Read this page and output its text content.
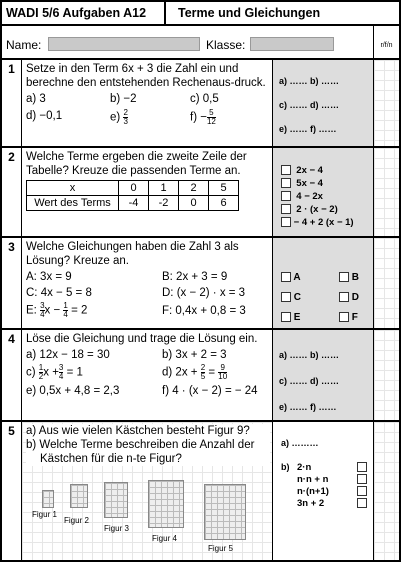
WADI 5/6 Aufgaben A12	Terme und Gleichungen
Name:	Klasse:	r/f/n
1 Setze in den Term 6x + 3 die Zahl ein und berechne den entstehenden Rechenaus-druck.
a) 3	b) −2	c) 0,5
d) −0,1	$e) \frac{2}{3}$	$f) - \frac{5}{12}$
a) …… b) ……
c) …… d) ……
e) …… f) ……
2 Welche Terme ergeben die zweite Zeile der Tabelle? Kreuze die passenden Terme an.
x	0	1	2	5
Wert des Terms	-4	-2	0	6
2x − 4
5x − 4
4 − 2x
2 · (x − 2)
− 4 + 2 (x − 1)
3 Welche Gleichungen haben die Zahl 3 als Lösung? Kreuze an.
A: 3x = 9	B: 2x + 3 = 9
C: 4x − 5 = 8	D: (x − 2) · x = 3
E: $\frac{3}{4}$ $x - \frac{1}{4} = 2$	F: 0,4x + 0,8 = 3
A
C
E
B
D
F
4 Löse die Gleichung und trage die Lösung ein.
a) 12x − 18 = 30	b) 3x + 2 = 3
$c) \frac{1}{2}$ $x + \frac{3}{4} = 1$	d) $2x + \frac{2}{5} = \frac{9}{10}$
e) 0,5x + 4,8 = 2,3	f) 4 · (x − 2) = − 24
a) …… b) ……
c) …… d) ……
e) …… f) ……
5 a) Aus wie vielen Kästchen besteht Figur 9?
b) Welche Terme beschreiben die Anzahl der Kästchen für die n-te Figur?
Figur 1
Figur 2
Figur 3
Figur 4
Figur 5
a) ………
b) 2·n
n·n + n
n·(n+1)
3n + 2
